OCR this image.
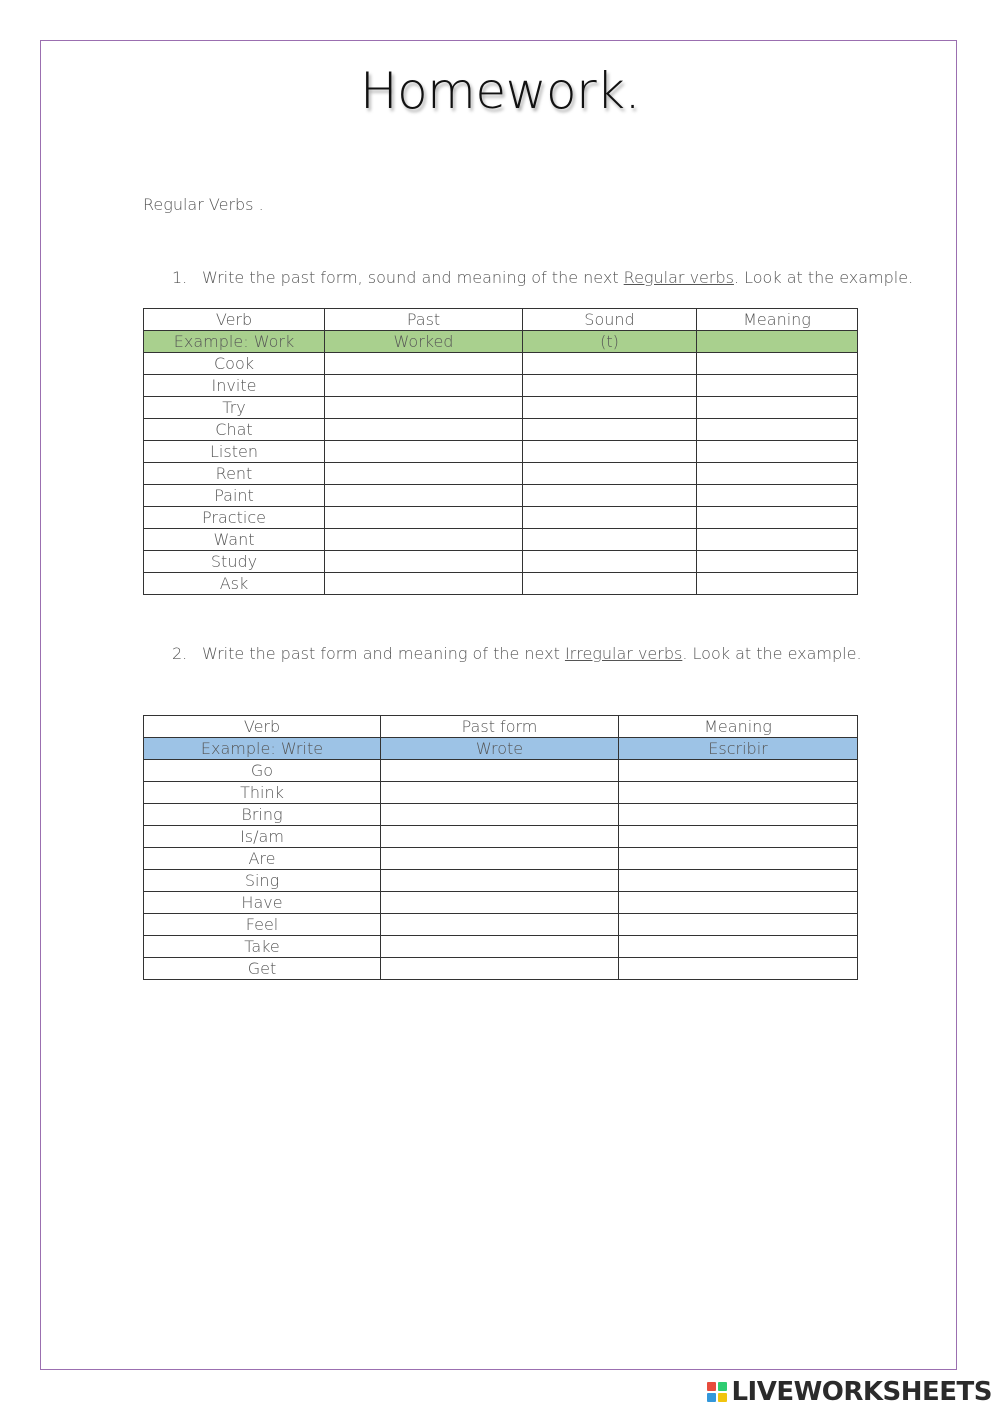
Homework.
Regular Verbs .
1. Write the past form, sound and meaning of the next Regular verbs. Look at the example.
Verb	Past	Sound	Meaning
Example: Work	Worked	(t)	
Cook			
Invite			
Try			
Chat			
Listen			
Rent			
Paint			
Practice			
Want			
Study			
Ask			
2. Write the past form and meaning of the next Irregular verbs. Look at the example.
Verb	Past form	Meaning
Example: Write	Wrote	Escribir
Go		
Think		
Bring		
Is/am		
Are		
Sing		
Have		
Feel		
Take		
Get		
LIVEWORKSHEETS
